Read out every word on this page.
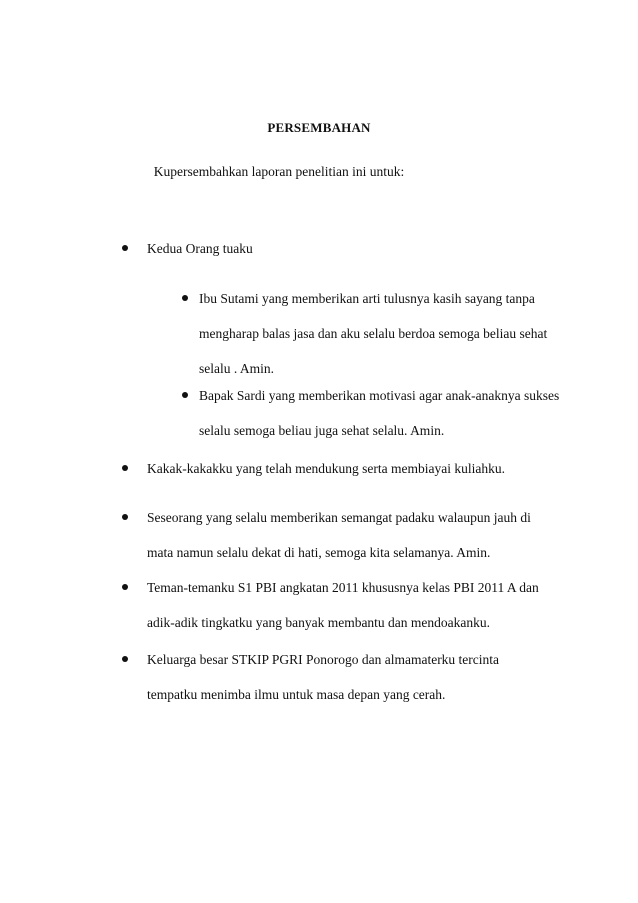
PERSEMBAHAN
Kupersembahkan laporan penelitian ini untuk:
Kedua Orang tuaku
Ibu Sutami yang memberikan arti tulusnya kasih sayang tanpa
mengharap balas jasa dan aku selalu berdoa semoga beliau sehat
selalu . Amin.
Bapak Sardi yang memberikan motivasi agar anak-anaknya sukses
selalu semoga beliau juga sehat selalu. Amin.
Kakak-kakakku yang telah mendukung serta membiayai kuliahku.
Seseorang yang selalu memberikan semangat padaku walaupun jauh di
mata namun selalu dekat di hati, semoga kita selamanya. Amin.
Teman-temanku S1 PBI angkatan 2011 khususnya kelas PBI 2011 A dan
adik-adik tingkatku yang banyak membantu dan mendoakanku.
Keluarga besar STKIP PGRI Ponorogo dan almamaterku tercinta
tempatku menimba ilmu untuk masa depan yang cerah.
